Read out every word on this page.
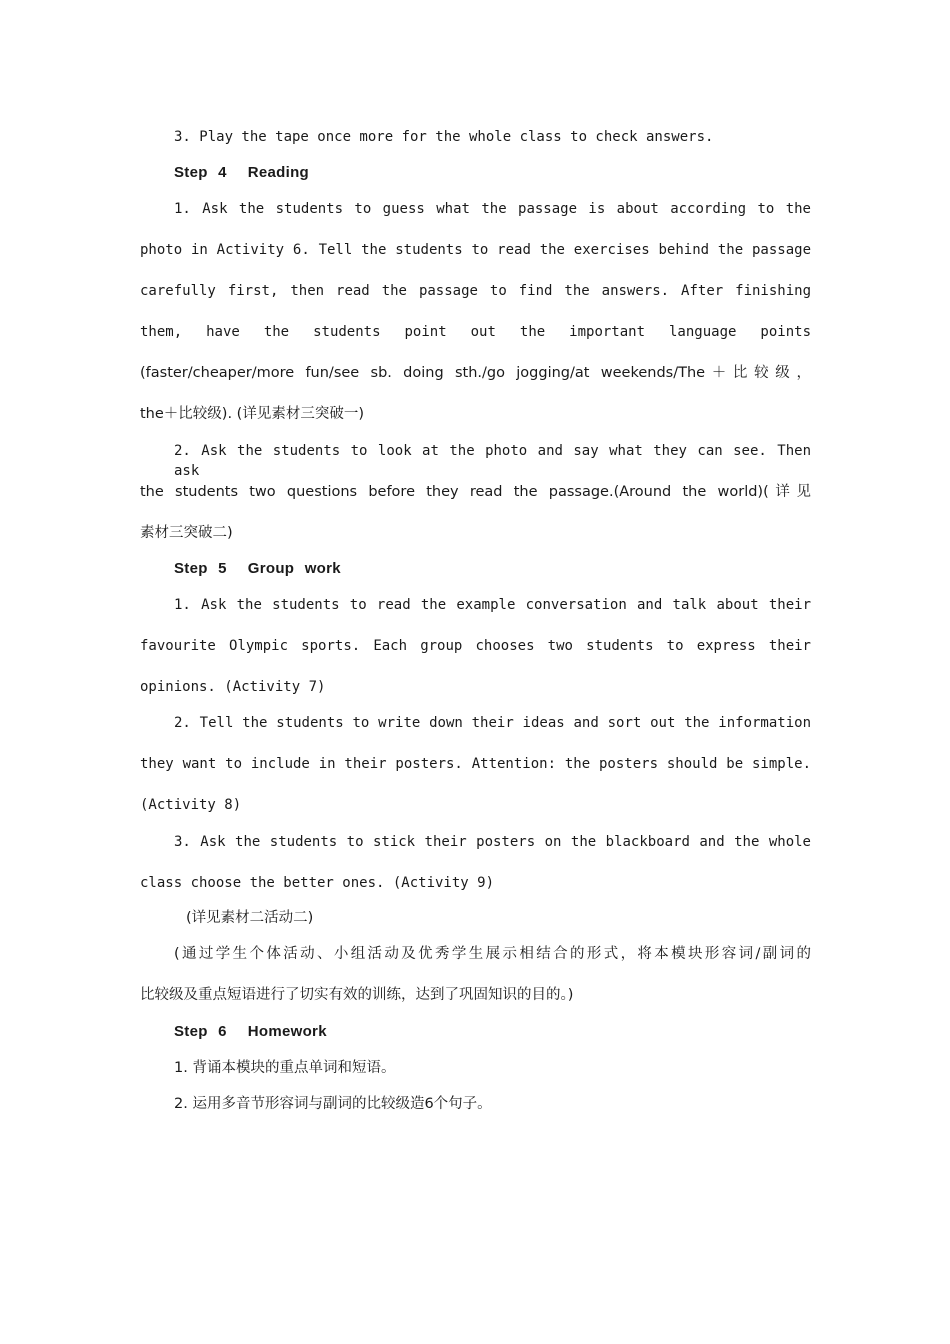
3. Play the tape once more for the whole class to check answers.
Step 4  Reading
1. Ask the students to guess what the passage is about according to the
photo in Activity 6. Tell the students to read the exercises behind the passage
carefully first, then read the passage to find the answers. After finishing
them, have the students point out the important language points
(faster/cheaper/more fun/see sb. doing sth./go jogging/at weekends/The＋比较级，
the＋比较级). (详见素材三突破一)
2. Ask the students to look at the photo and say what they can see. Then ask
the students two questions before they read the passage.(Around the world)(详见
素材三突破二)
Step 5  Group work
1. Ask the students to read the example conversation and talk about their
favourite Olympic sports. Each group chooses two students to express their
opinions. (Activity 7)
2. Tell the students to write down their ideas and sort out the information
they want to include in their posters. Attention: the posters should be simple.
(Activity 8)
3. Ask the students to stick their posters on the blackboard and the whole
class choose the better ones. (Activity 9)
(详见素材二活动二)
(通过学生个体活动、小组活动及优秀学生展示相结合的形式，将本模块形容词/副词的
比较级及重点短语进行了切实有效的训练，达到了巩固知识的目的。)
Step 6  Homework
1. 背诵本模块的重点单词和短语。
2. 运用多音节形容词与副词的比较级造6个句子。
